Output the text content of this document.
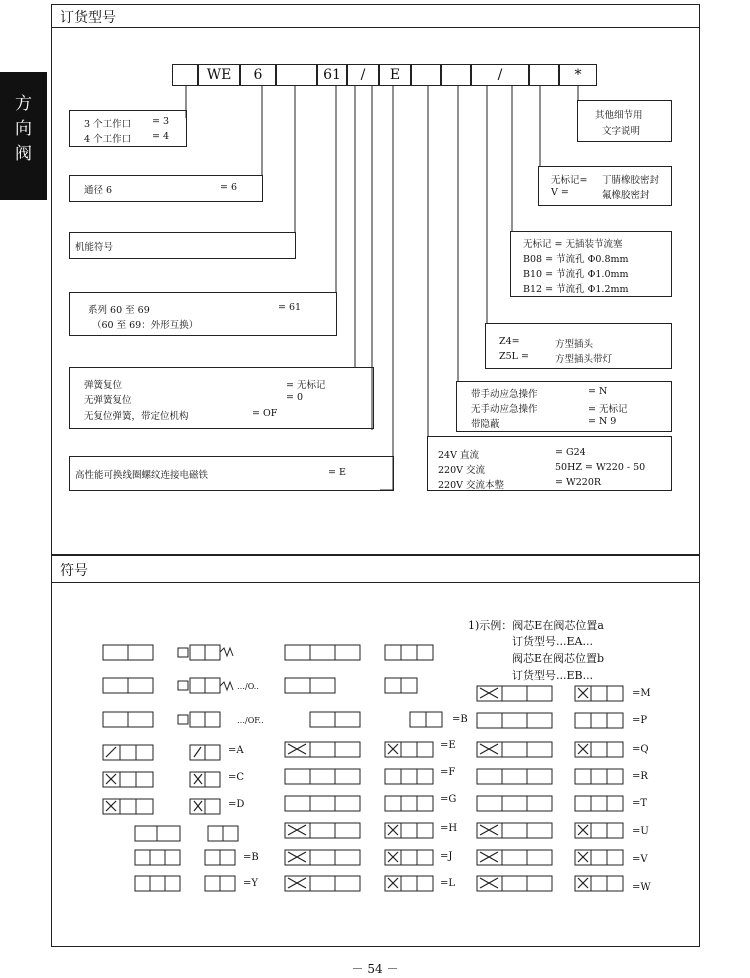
方
向
阀
订货型号
符号
WE	6	61	/	E	/	*
3 个工作口 = 3
4 个工作口 = 4
通径 6	= 6
机能符号
系列 60 至 69	= 61
（60 至 69：外形互换）
弹簧复位	= 无标记
无弹簧复位	= 0
无复位弹簧，带定位机构	= OF
高性能可换线圈螺纹连接电磁铁	= E
其他细节用
文字说明
无标记= 丁腈橡胶密封
V =	氟橡胶密封
无标记 = 无插装节流塞
B08 = 节流孔 Φ0.8mm
B10 = 节流孔 Φ1.0mm
B12 = 节流孔 Φ1.2mm
Z4=	方型插头
Z5L =	方型插头带灯
带手动应急操作	= N
无手动应急操作	= 无标记
带隐蔽	= N 9
24V 直流	= G24
220V 交流	50HZ = W220 - 50
220V 交流本整	= W220R
1)示例：阀芯E在阀芯位置a
订货型号...EA...
阀芯E在阀芯位置b
订货型号...EB...
=A
=C
=D
=B
=Y
=E
=F
=G
=H
=J
=L
=M
=P
=Q
=R
=T
=U
=V
=W
=B
…/O..
…/OF..
－ 54 －
